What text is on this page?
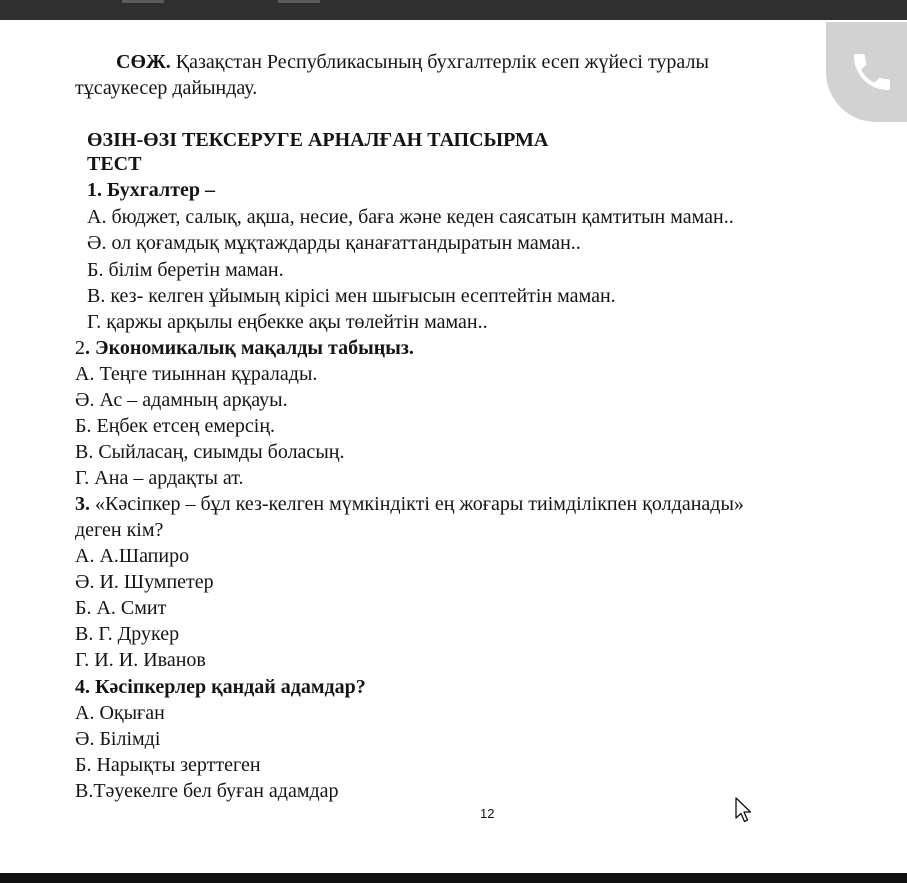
СӨЖ. Қазақстан Республикасының бухгалтерлік есеп жүйесі туралы
тұсаукесер дайындау.
ӨЗІН-ӨЗІ ТЕКСЕРУГЕ АРНАЛҒАН ТАПСЫРМА
ТЕСТ
1. Бухгалтер –
А. бюджет, салық, ақша, несие, баға және кеден саясатын қамтитын маман..
Ә. ол қоғамдық мұқтаждарды қанағаттандыратын маман..
Б. білім беретін маман.
В. кез- келген ұйымың кірісі мен шығысын есептейтін маман.
Г. қаржы арқылы еңбекке ақы төлейтін маман..
2. Экономикалық мақалды табыңыз.
А. Теңге тиыннан құралады.
Ә. Ас – адамның арқауы.
Б. Еңбек етсең емерсің.
В. Сыйласаң, сиымды боласың.
Г. Ана – ардақты ат.
3. «Кәсіпкер – бұл кез-келген мүмкіндікті ең жоғары тиімділікпен қолданады»
деген кім?
А. А.Шапиро
Ә. И. Шумпетер
Б. А. Смит
В. Г. Друкер
Г. И. И. Иванов
4. Кәсіпкерлер қандай адамдар?
А. Оқыған
Ә. Білімді
Б. Нарықты зерттеген
В.Тәуекелге бел буған адамдар
12
